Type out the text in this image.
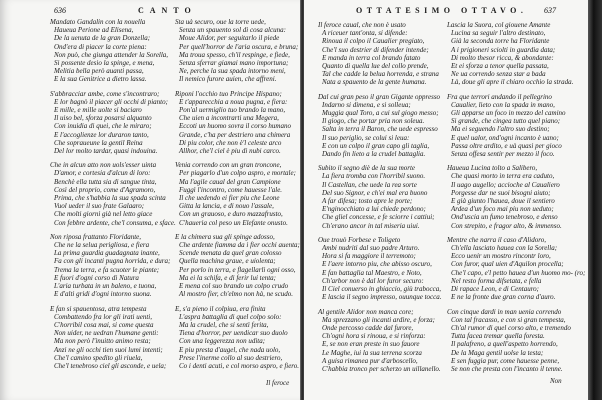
636	CANTO
Mandato Gandalin con la nouella
Haueua Perione ad Elisena,
De la uenuta de la gran Donzella;
Ond'era di piacer la corte piena:
Non può, che giunga attender la Sorella,
Si possente desio la spinge, e mena,
Melitia bella però auanti passa,
E la sua Genitrice a dietro lassa.
S'abbracciar ambe, come s'incontraro;
E lor bagnò il piacer gli occhi di pianto;
E mille, e mille uolte si baciaro
Il uiso bel, sforza posarsi alquanto
Con inuidia di quei, che le miraro;
E l'accoglienze lor duraron tanto,
Che sopraueune la gentil Reina
Del lor molto tardar, quasi indouina.
Che in alcun atto non uols'esser uinta
D'amor, e cortesia d'alcun di loro:
Benchè ella tutta sia di sangue tinta,
Così del proprio, come d'Agramoro,
Prima, che s'habbia la sua spada scinta
Vuol ueder il suo frate Galaaro;
Che molti giorni già nel letto giace
Con febbre ardente, che'l consuma, e sface.
Non riposa frattanto Floridante,
Che ne la selua perigliosa, e fiera
La prima guardia guadagnata inante,
Fa con gli incanti pugna horrida, e dura;
Trema la terra, e fa scuoter le piante;
E fuori d'ogni corso di Natura
L'aria turbata in un baleno, e tuona,
E d'alti gridi d'ogni intorno suona.
E fan si spauentosa, atra tempesta
Combattendo fra lor gli irati uenti,
C'horribil cosa mai, si come questa
Non uider, ne uedran l'humane genti:
Ma non però l'inuitto animo resta;
Anzi ne gli occhi tien suoi lumi intenti;
Che'l camino spedito gli riuela,
Che'l tenebroso ciel gli asconde, e uela;
Sta uà securo, oue la torre uede,
Senza un spauento sol di cosa alcuna:
Moue Alidor, per seguitarlo il piede
Per quell'horror de l'aria oscura, e bruna;
Ma troua spesso, ch'il respinge, e fiede,
Senza sferrar giamai mano importuna;
Ne, perche la sua spada intorno meni,
Il nemico furore auien, che affreni.
Riponi l'occhio tuo Principe Hispano;
E t'apparecchia a noua pugna, e fiera:
Pon'al uermiglio tuo brando la mano,
Che uien a incontrarti una Megera,
Eccoti un huomo sovra il corso humano
Grande, c'ha per destriero una chimera
Di piu color, che non è'l celeste arco
Allhor, che'l ciel è piu di nubi carco.
Venia correndo con un gran troncone,
Per piagarlo d'un colpo aspro, e mortale;
Ma l'agile caual del gran Campione
Fuggì l'incontro, come hauesse l'ale.
Il che uedendo ei fier piu che Leone
Gitta la lancia, e di nouo l'assale,
Con un grauoso, e duro mazzafrusto,
C'haueria col peso un Elefante onusto.
E la chimera sua gli spinge adosso,
Che ardente fiamma da i fier occhi auenta;
Scende menata da quel gran colosso
Quella machina graue, e uiolenta;
Per porlo in terra, e flagellarli ogni osso,
Ma ei la schifa, e di ferir lui tenta;
E mena col suo brando un colpo crudo
Al mostro fier, ch'elmo non hà, ne scudo.
E, s'a pieno il colpiua, era finita
L'aspra battaglia di quel colpo solo:
Ma la crudel, che si sentì ferita,
Tiena d'horror, per uendicar suo duolo
Con una leggerezza non udita;
E piu presta d'augel, che nada uolo,
Prese l'inerme collo al suo destriero,
Co i denti acuti, e col morso aspro, e fiero.
Il feroce
OTTATESIMO OTTAVO. 637
Il feroce caual, che non è usato
A riceuer tant'onta, si difende:
Rinoua il colpo il Caualier pregiato,
Che'l suo destrier di difender intende;
E manda in terra col brando fatato
Quanto di quella lue del collo prende,
Tal che cadde la belua horrenda, e strana
Nata a spauento de la gente humana.
Dal cui gran peso il gran Gigante oppresso
Indarno si dimena, e si solleua;
Muggia qual Toro, a cui sul giogo messo;
Il giogo, che portar pria non soleua.
Salta in terra il Baron, che uede espresso
Il suo periglio, se colui si leua:
E con un colpo il gran capo gli taglia,
Dando fin lieto a la crudel battaglia.
Subito il segno diè de la sua morte
La fiera tromba con l'horribil suono.
Il Castellan, che uede la rea sorte
Del suo Signor, e ch'ei mal era buono
A far difesa; tosto apre le porte;
E'nginocchiato a lui chiede perdono;
Che gliel concesse, e fe sciorre i cattiui;
Ch'erano ancor in tal miseria uiui.
Oue trouò Forbese e Toligeto
Ambi nudriti dal suo padre Arturo.
Hora si fa maggiore il terremoto;
E l'aere intorno piu, che abisso oscuro,
E fan battaglia tal Maestro, e Noto,
Ch'arbor non è dal lor furor securo:
Il Ciel conuerso in ghiaccio, giù trabocca,
E lascia il segno impresso, ouunque tocca.
Al gentile Alidor non manca core;
Ma sprezzano gli incanti ardire, e forza;
Onde percosso cadde dal furore,
Ch'ogni hora si rinoua, e si rinforza:
E, se non eran preste in suo fauore
Le Maghe, iui la sua terrena scorza
A guisa rimanea pur d'arboscello,
C'habbia tronco per scherzo un uillanello.
Lascia la Suora, col giouene Amante
Lucina sa seguir l'altro destinato,
Già la seconda torre ha Floridante
A i prigioneri sciolti in guardia data;
Di molto thesor ricca, & abondante:
Et ei sforza a tenor quella passata,
Ne ua correndo senza star a bada
Là, doue gli apre il chiaro occhio la strada.
Fra que terrori andando il pellegrino
Caualier, lieto con la spada in mano,
Gli apparse un foco in mezzo del camino
Si grande, che cingea tutto quel piano;
Ma ei seguendo l'altro suo destino;
E quel ualor, ond'ogni incanto è uano;
Passa oltre ardito, e uà quasi per gioco
Senza offesa sentir per mezzo il foco.
Haueua Lucina tolto a Salibero,
Che quasi morto in terra era caduto,
Il uago augello; accioche al Caualiero
Porgesse dar ne suoi bisogni aiuto;
E già giunto l'hauea, doue il sentiero
Ardea d'un foco mai piu non ueduto;
Ond'uscia un fumo tenebroso, e denso
Con strepito, e fragor alto, & immenso.
Mentre che narra il caso d'Alidoro,
Ch'ella lasciato hauea con la Sorella;
Ecco uenir un mostro rincontr loro,
Con furor, qual uien d'Aquilon procella;
Che'l capo, e'l petto hauea d'un huomo mo- (ro;
Nel resto forma difsetata, e fella
Di rapace Leon, e di Centauro;
E ne la fronte due gran corna d'auro.
Con cinque dardi in man uenia correndo
Con tal fracasso, e con si gran tempesta,
Ch'al rumor di quel corso alto, e tremendo
Tutta facea tremar quella foresta.
Il palafreno, a quell'aspetto horrendo,
De la Maga gentil uolse la testa;
E sen fuggia pur, come hauesse penne,
Se non che presta con l'incanto il tenne.
Non
